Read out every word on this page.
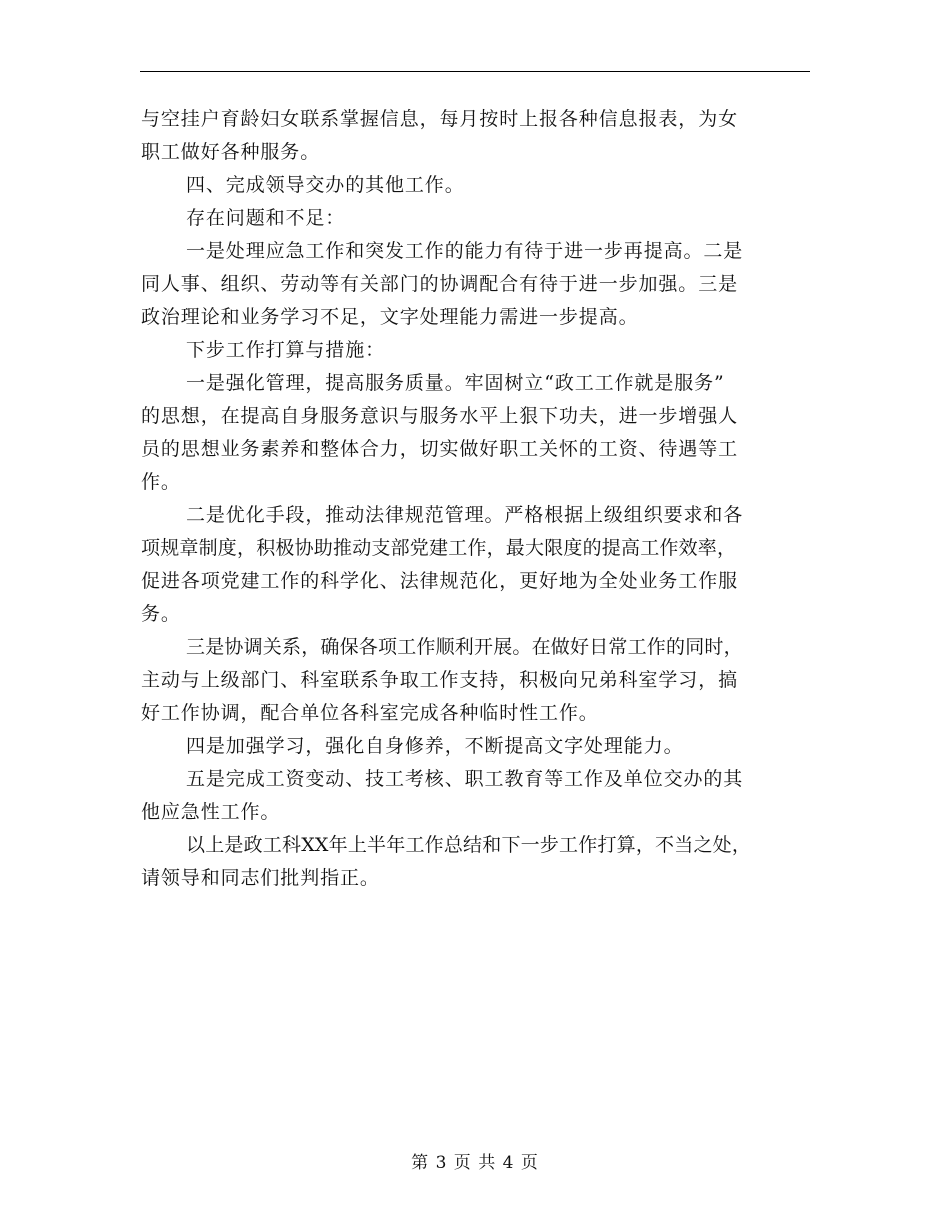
与空挂户育龄妇女联系掌握信息，每月按时上报各种信息报表，为女
职工做好各种服务。
四、完成领导交办的其他工作。
存在问题和不足：
一是处理应急工作和突发工作的能力有待于进一步再提高。二是
同人事、组织、劳动等有关部门的协调配合有待于进一步加强。三是
政治理论和业务学习不足，文字处理能力需进一步提高。
下步工作打算与措施：
一是强化管理，提高服务质量。牢固树立“政工工作就是服务”
的思想，在提高自身服务意识与服务水平上狠下功夫，进一步增强人
员的思想业务素养和整体合力，切实做好职工关怀的工资、待遇等工
作。
二是优化手段，推动法律规范管理。严格根据上级组织要求和各
项规章制度，积极协助推动支部党建工作，最大限度的提高工作效率，
促进各项党建工作的科学化、法律规范化，更好地为全处业务工作服
务。
三是协调关系，确保各项工作顺利开展。在做好日常工作的同时，
主动与上级部门、科室联系争取工作支持，积极向兄弟科室学习，搞
好工作协调，配合单位各科室完成各种临时性工作。
四是加强学习，强化自身修养，不断提高文字处理能力。
五是完成工资变动、技工考核、职工教育等工作及单位交办的其
他应急性工作。
以上是政工科XX年上半年工作总结和下一步工作打算，不当之处，
请领导和同志们批判指正。
第 3 页 共 4 页
